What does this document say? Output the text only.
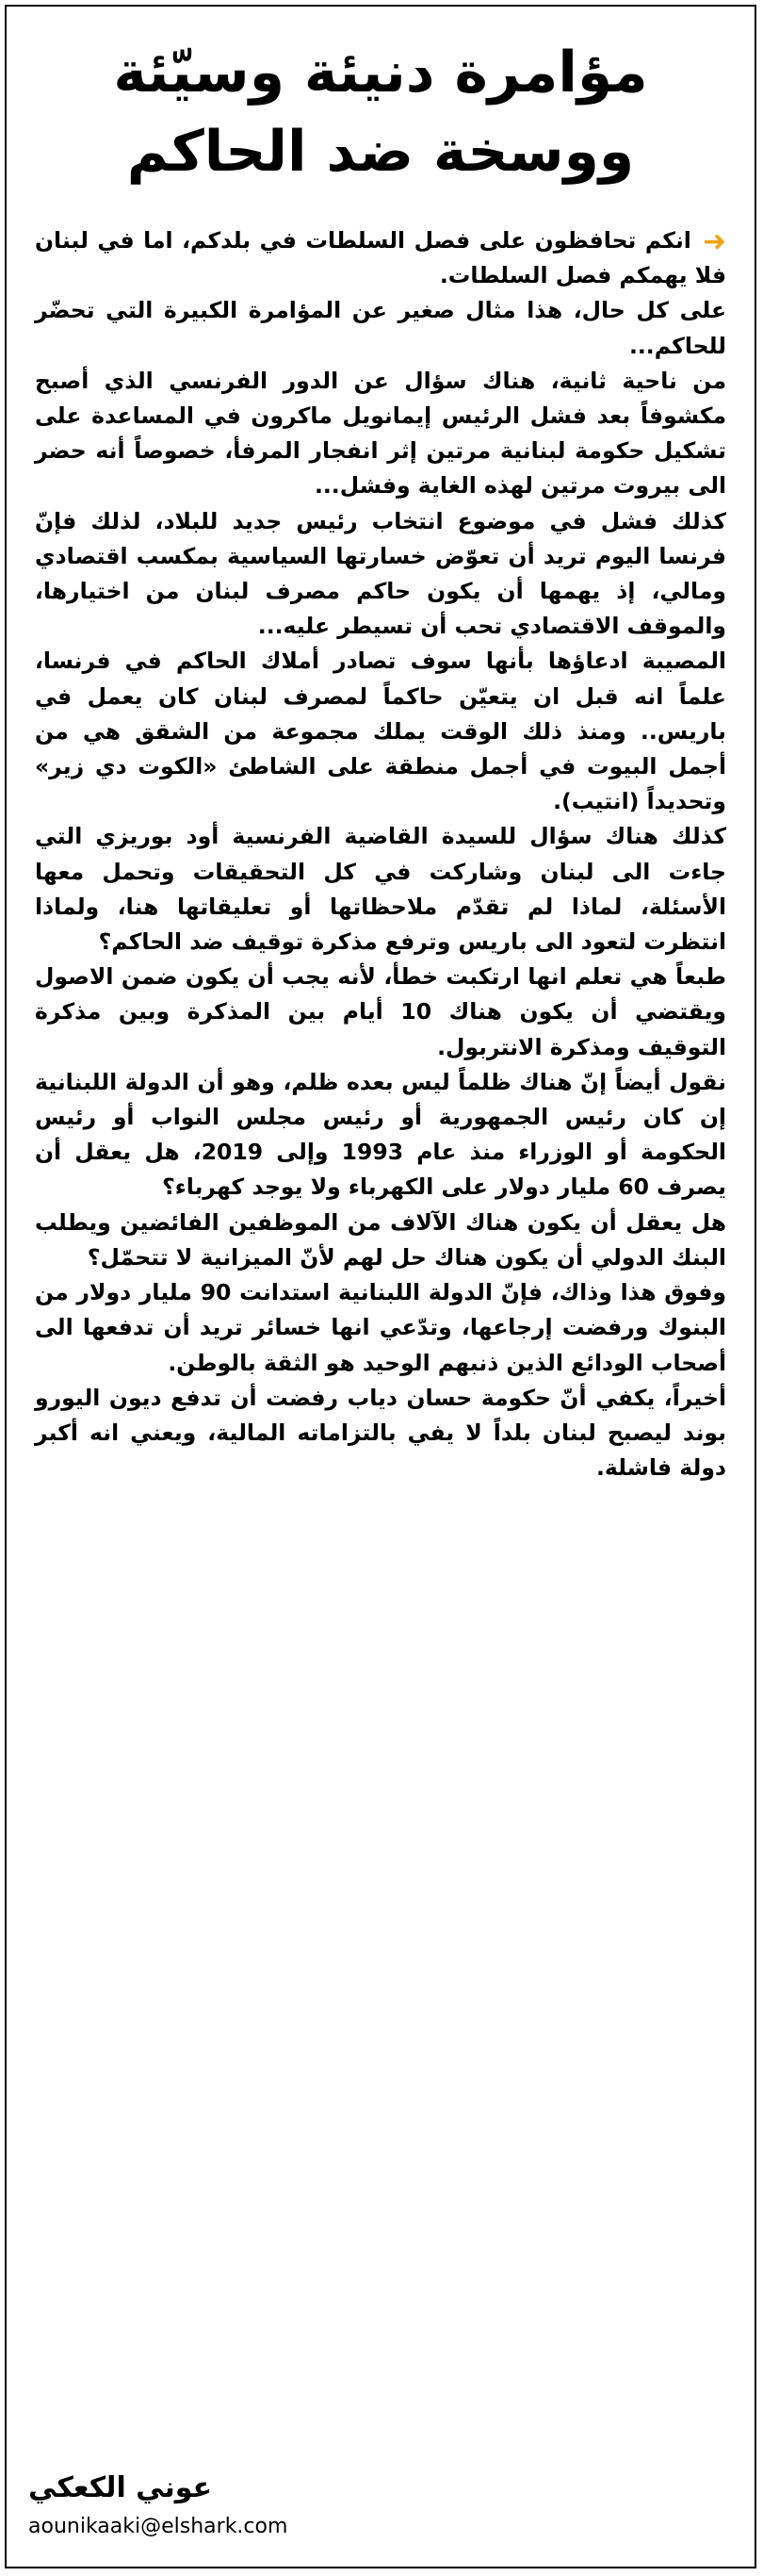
مؤامرة دنيئة وسيّئة
ووسخة ضد الحاكم

➜انكم تحافظون على فصل السلطات في بلدكم، اما في لبنان فلا يهمكم فصل السلطات.

على كل حال، هذا مثال صغير عن المؤامرة الكبيرة التي تحضّر للحاكم...

من ناحية ثانية، هناك سؤال عن الدور الفرنسي الذي أصبح مكشوفاً بعد فشل الرئيس إيمانويل ماكرون في المساعدة على تشكيل حكومة لبنانية مرتين إثر انفجار المرفأ، خصوصاً أنه حضر الى بيروت مرتين لهذه الغاية وفشل...

كذلك فشل في موضوع انتخاب رئيس جديد للبلاد، لذلك فإنّ فرنسا اليوم تريد أن تعوّض خسارتها السياسية بمكسب اقتصادي ومالي، إذ يهمها أن يكون حاكم مصرف لبنان من اختيارها، والموقف الاقتصادي تحب أن تسيطر عليه...

المصيبة ادعاؤها بأنها سوف تصادر أملاك الحاكم في فرنسا، علماً انه قبل ان يتعيّن حاكماً لمصرف لبنان كان يعمل في باريس.. ومنذ ذلك الوقت يملك مجموعة من الشقق هي من أجمل البيوت في أجمل منطقة على الشاطئ «الكوت دي زير» وتحديداً (انتيب).

كذلك هناك سؤال للسيدة القاضية الفرنسية أود بوريزي التي جاءت الى لبنان وشاركت في كل التحقيقات وتحمل معها الأسئلة، لماذا لم تقدّم ملاحظاتها أو تعليقاتها هنا، ولماذا انتظرت لتعود الى باريس وترفع مذكرة توقيف ضد الحاكم؟

طبعاً هي تعلم انها ارتكبت خطأ، لأنه يجب أن يكون ضمن الاصول ويقتضي أن يكون هناك 10 أيام بين المذكرة وبين مذكرة التوقيف ومذكرة الانتربول.

نقول أيضاً إنّ هناك ظلماً ليس بعده ظلم، وهو أن الدولة اللبنانية إن كان رئيس الجمهورية أو رئيس مجلس النواب أو رئيس الحكومة أو الوزراء منذ عام 1993 وإلى 2019، هل يعقل أن يصرف 60 مليار دولار على الكهرباء ولا يوجد كهرباء؟

هل يعقل أن يكون هناك الآلاف من الموظفين الفائضين ويطلب البنك الدولي أن يكون هناك حل لهم لأنّ الميزانية لا تتحمّل؟

وفوق هذا وذاك، فإنّ الدولة اللبنانية استدانت 90 مليار دولار من البنوك ورفضت إرجاعها، وتدّعي انها خسائر تريد أن تدفعها الى أصحاب الودائع الذين ذنبهم الوحيد هو الثقة بالوطن.

أخيراً، يكفي أنّ حكومة حسان دياب رفضت أن تدفع ديون اليورو بوند ليصبح لبنان بلداً لا يفي بالتزاماته المالية، ويعني انه أكبر دولة فاشلة.

عوني الكعكي
aounikaaki@elshark.com
